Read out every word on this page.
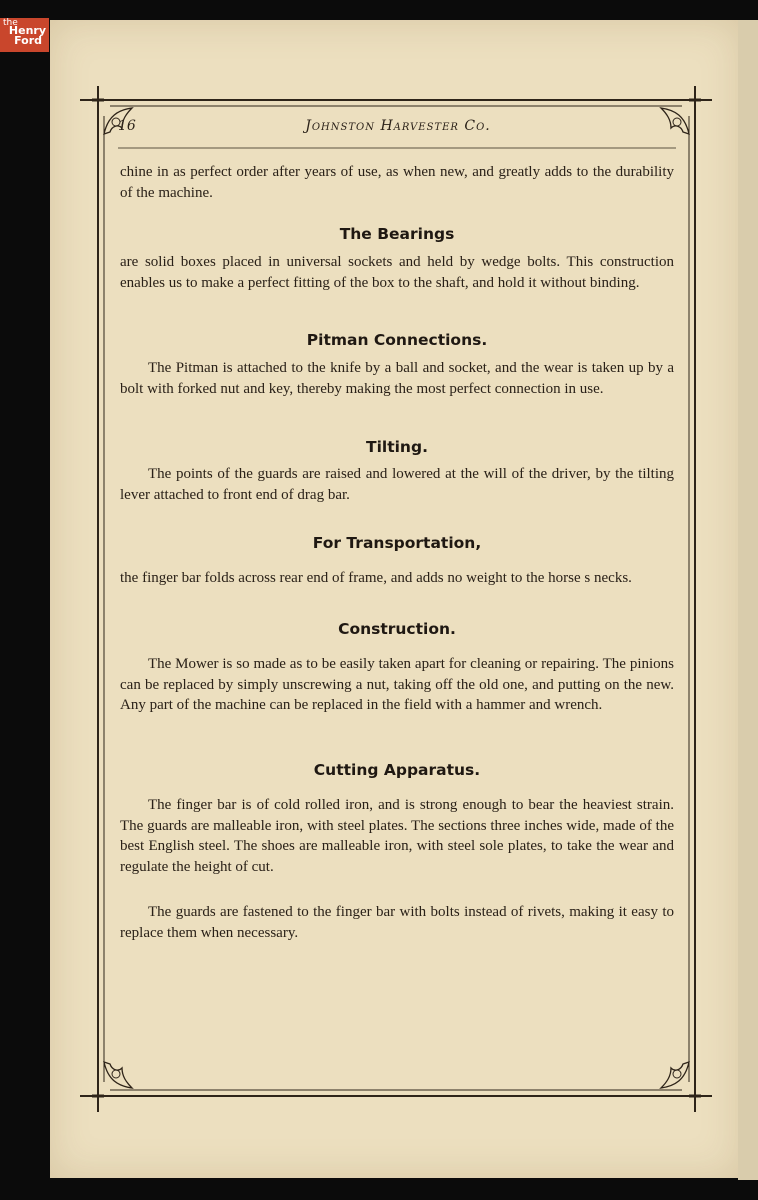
the
Henry
Ford
16	Johnston Harvester Co.

chine in as perfect order after years of use, as when new, and greatly adds to the durability of the machine.

The Bearings

are solid boxes placed in universal sockets and held by wedge bolts. This construction enables us to make a perfect fitting of the box to the shaft, and hold it without binding.

Pitman Connections.

The Pitman is attached to the knife by a ball and socket, and the wear is taken up by a bolt with forked nut and key, thereby making the most perfect connection in use.

Tilting.

The points of the guards are raised and lowered at the will of the driver, by the tilting lever attached to front end of drag bar.

For Transportation,

the finger bar folds across rear end of frame, and adds no weight to the horse s necks.

Construction.

The Mower is so made as to be easily taken apart for cleaning or repairing. The pinions can be replaced by simply unscrewing a nut, taking off the old one, and putting on the new. Any part of the machine can be replaced in the field with a hammer and wrench.

Cutting Apparatus.

The finger bar is of cold rolled iron, and is strong enough to bear the heaviest strain. The guards are malleable iron, with steel plates. The sections three inches wide, made of the best English steel. The shoes are malleable iron, with steel sole plates, to take the wear and regulate the height of cut.

The guards are fastened to the finger bar with bolts instead of rivets, making it easy to replace them when necessary.
